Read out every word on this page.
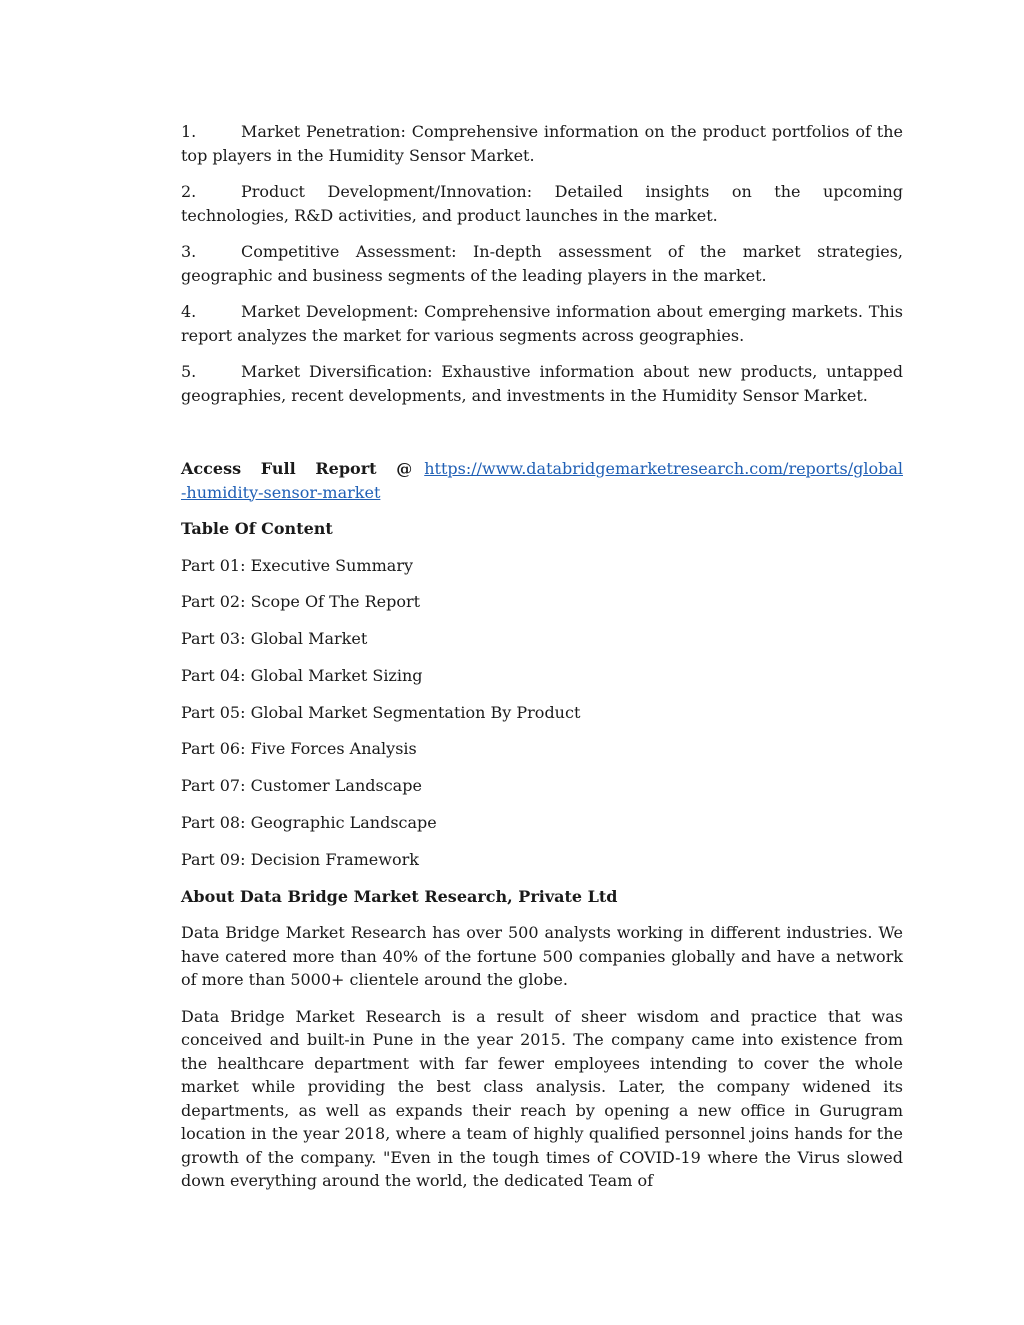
1.	Market Penetration: Comprehensive information on the product portfolios of the top players in the Humidity Sensor Market.
2.	Product Development/Innovation: Detailed insights on the upcoming technologies, R&D activities, and product launches in the market.
3.	Competitive Assessment: In-depth assessment of the market strategies, geographic and business segments of the leading players in the market.
4.	Market Development: Comprehensive information about emerging markets. This report analyzes the market for various segments across geographies.
5.	Market Diversification: Exhaustive information about new products, untapped geographies, recent developments, and investments in the Humidity Sensor Market.
Access Full Report @ https://www.databridgemarketresearch.com/reports/global-humidity-sensor-market
Table Of Content
Part 01: Executive Summary
Part 02: Scope Of The Report
Part 03: Global Market
Part 04: Global Market Sizing
Part 05: Global Market Segmentation By Product
Part 06: Five Forces Analysis
Part 07: Customer Landscape
Part 08: Geographic Landscape
Part 09: Decision Framework
About Data Bridge Market Research, Private Ltd
Data Bridge Market Research has over 500 analysts working in different industries. We have catered more than 40% of the fortune 500 companies globally and have a network of more than 5000+ clientele around the globe.
Data Bridge Market Research is a result of sheer wisdom and practice that was conceived and built-in Pune in the year 2015. The company came into existence from the healthcare department with far fewer employees intending to cover the whole market while providing the best class analysis. Later, the company widened its departments, as well as expands their reach by opening a new office in Gurugram location in the year 2018, where a team of highly qualified personnel joins hands for the growth of the company. "Even in the tough times of COVID-19 where the Virus slowed down everything around the world, the dedicated Team of
